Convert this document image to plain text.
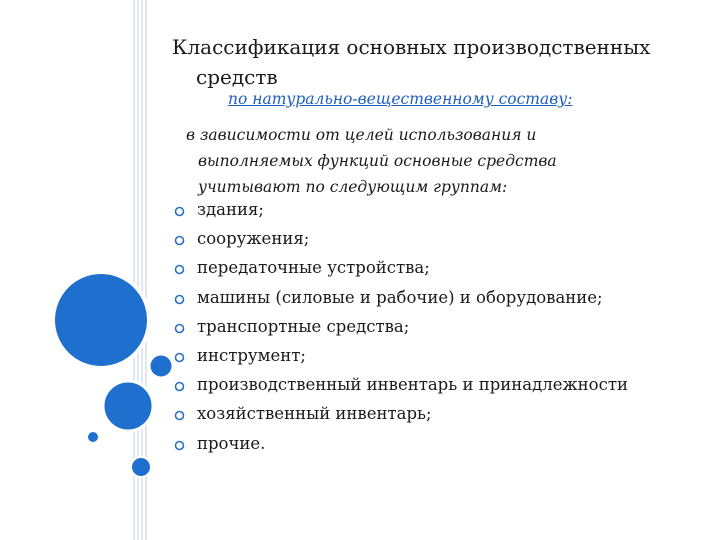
Классификация основных производственных
средств
по натурально-вещественному составу:
в зависимости от целей использования и
выполняемых функций основные средства
учитывают по следующим группам:
здания;
сооружения;
передаточные устройства;
машины (силовые и рабочие) и оборудование;
транспортные средства;
инструмент;
производственный инвентарь и принадлежности
хозяйственный инвентарь;
прочие.
